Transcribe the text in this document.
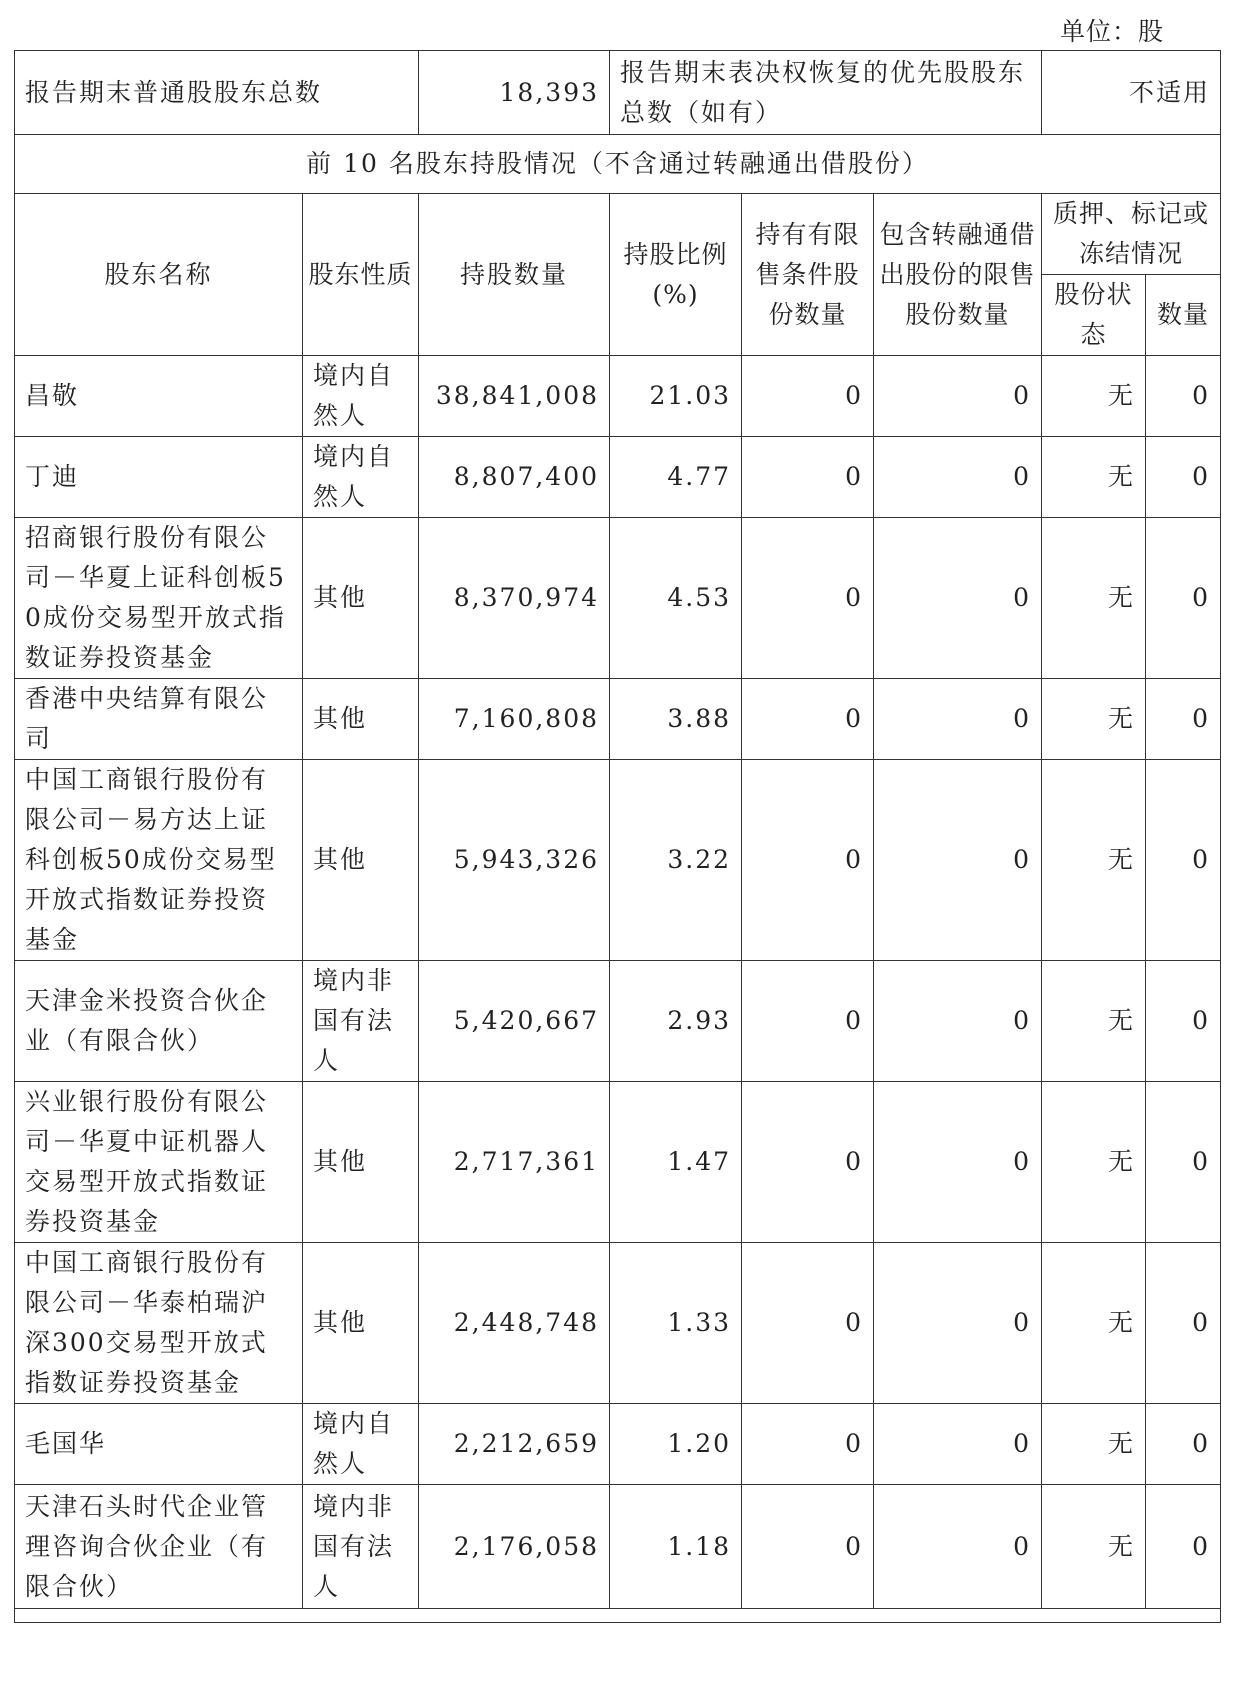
单位：股
报告期末普通股股东总数		18,393	报告期末表决权恢复的优先股股东总数（如有）			不适用	
前 10 名股东持股情况（不含通过转融通出借股份）							
股东名称	股东性质	持股数量	持股比例(%)	持有有限售条件股份数量	包含转融通借出股份的限售股份数量	质押、标记或冻结情况	
						股份状态	数量
昌敬	境内自然人	38,841,008	21.03	0	0	无	0
丁迪	境内自然人	8,807,400	4.77	0	0	无	0
招商银行股份有限公司－华夏上证科创板50成份交易型开放式指数证券投资基金	其他	8,370,974	4.53	0	0	无	0
香港中央结算有限公司	其他	7,160,808	3.88	0	0	无	0
中国工商银行股份有限公司－易方达上证科创板50成份交易型开放式指数证券投资基金	其他	5,943,326	3.22	0	0	无	0
天津金米投资合伙企业（有限合伙）	境内非国有法人	5,420,667	2.93	0	0	无	0
兴业银行股份有限公司－华夏中证机器人交易型开放式指数证券投资基金	其他	2,717,361	1.47	0	0	无	0
中国工商银行股份有限公司－华泰柏瑞沪深300交易型开放式指数证券投资基金	其他	2,448,748	1.33	0	0	无	0
毛国华	境内自然人	2,212,659	1.20	0	0	无	0
天津石头时代企业管理咨询合伙企业（有限合伙）	境内非国有法人	2,176,058	1.18	0	0	无	0
